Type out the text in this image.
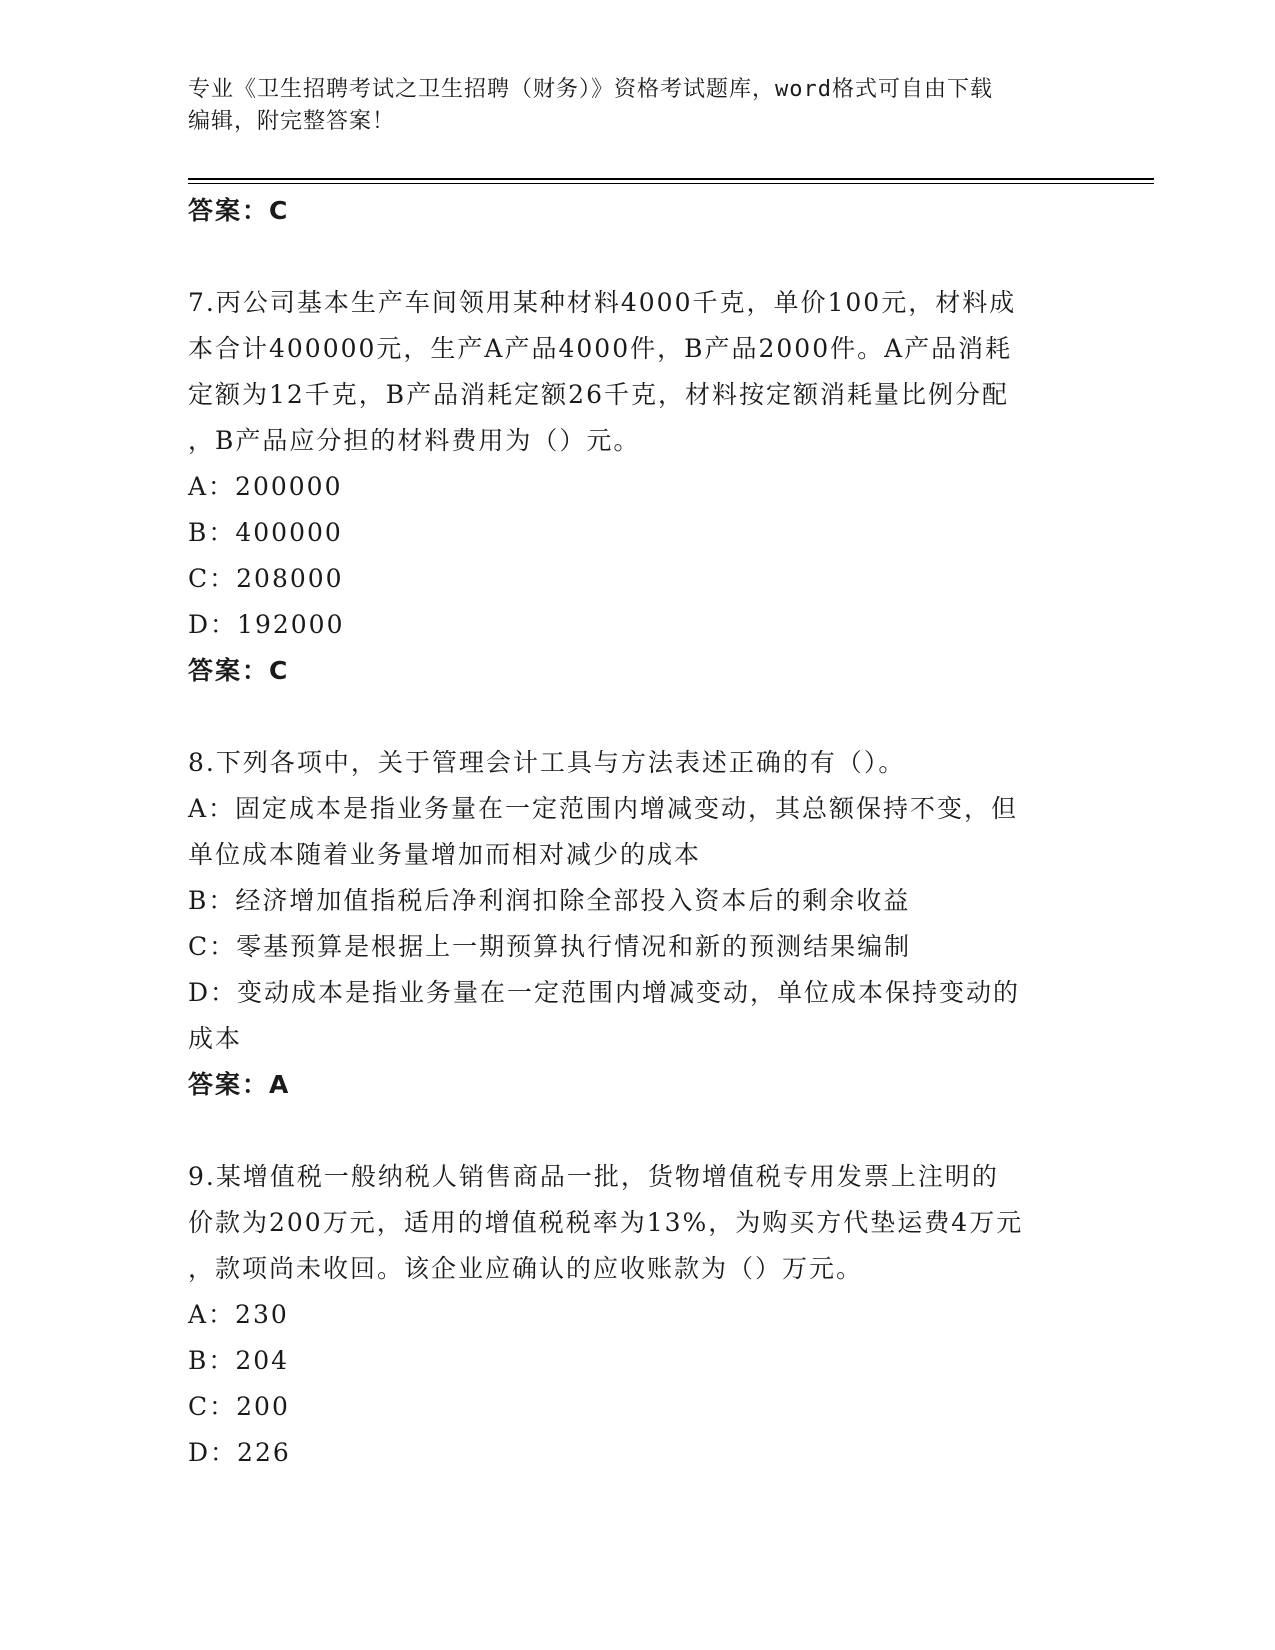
专业《卫生招聘考试之卫生招聘（财务）》资格考试题库，word格式可自由下载
编辑，附完整答案！
答案：C
7.丙公司基本生产车间领用某种材料4000千克，单价100元，材料成
本合计400000元，生产A产品4000件，B产品2000件。A产品消耗
定额为12千克，B产品消耗定额26千克，材料按定额消耗量比例分配
，B产品应分担的材料费用为（）元。
A：200000
B：400000
C：208000
D：192000
答案：C
8.下列各项中，关于管理会计工具与方法表述正确的有（）。
A：固定成本是指业务量在一定范围内增减变动，其总额保持不变，但
单位成本随着业务量增加而相对减少的成本
B：经济增加值指税后净利润扣除全部投入资本后的剩余收益
C：零基预算是根据上一期预算执行情况和新的预测结果编制
D：变动成本是指业务量在一定范围内增减变动，单位成本保持变动的
成本
答案：A
9.某增值税一般纳税人销售商品一批，货物增值税专用发票上注明的
价款为200万元，适用的增值税税率为13%，为购买方代垫运费4万元
，款项尚未收回。该企业应确认的应收账款为（）万元。
A：230
B：204
C：200
D：226
